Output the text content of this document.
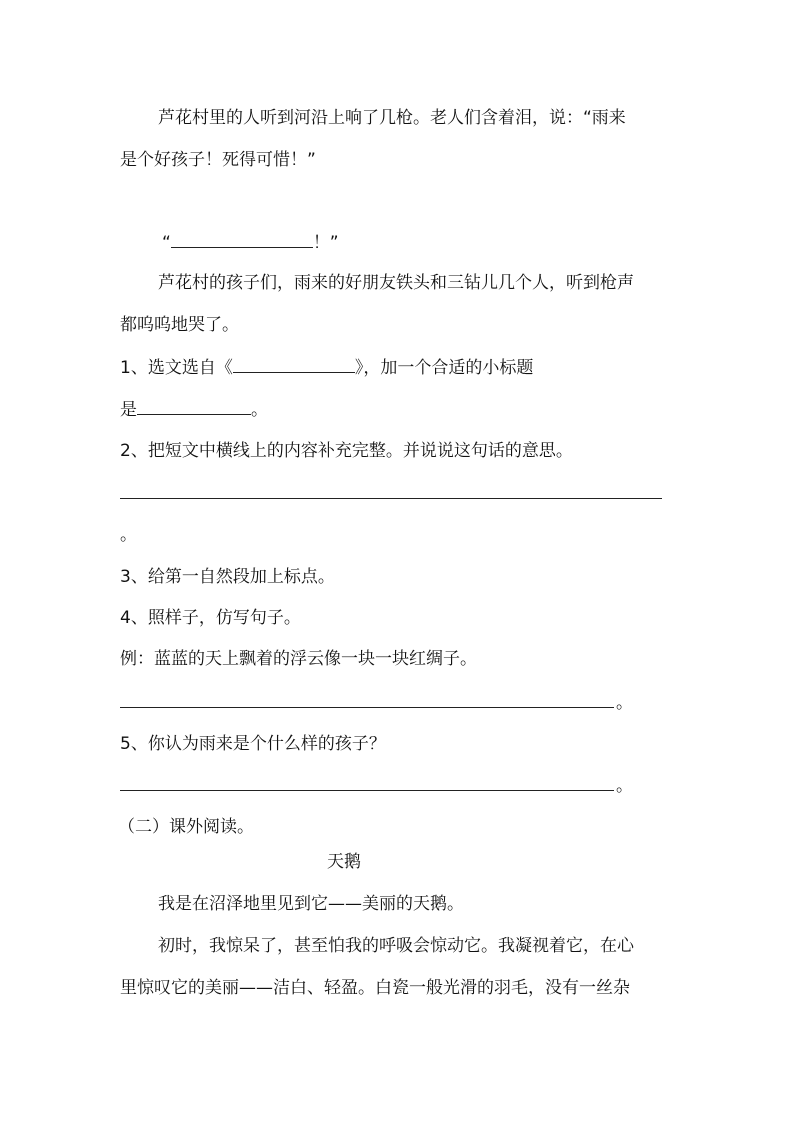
芦花村里的人听到河沿上响了几枪。老人们含着泪，说：“雨来
是个好孩子！死得可惜！”
“	！”
芦花村的孩子们，雨来的好朋友铁头和三钻儿几个人，听到枪声
都呜呜地哭了。
1、选文选自《	》，加一个合适的小标题
是	。
2、把短文中横线上的内容补充完整。并说说这句话的意思。
。
3、给第一自然段加上标点。
4、照样子，仿写句子。
例：蓝蓝的天上飘着的浮云像一块一块红绸子。
。
5、你认为雨来是个什么样的孩子？
。
（二）课外阅读。
天鹅
我是在沼泽地里见到它——美丽的天鹅。
初时，我惊呆了，甚至怕我的呼吸会惊动它。我凝视着它，在心
里惊叹它的美丽——洁白、轻盈。白瓷一般光滑的羽毛，没有一丝杂
